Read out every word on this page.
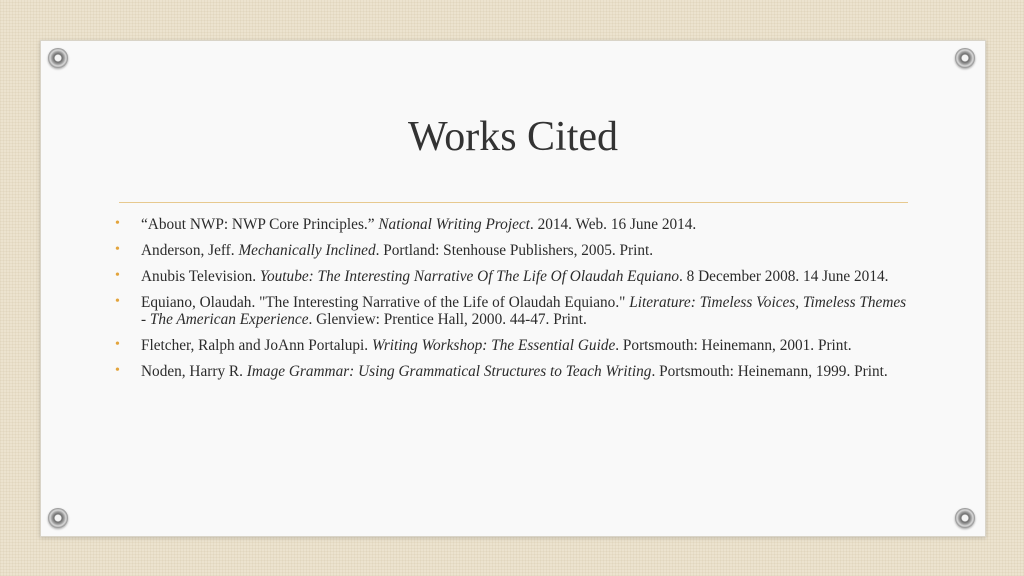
Works Cited
• “About NWP: NWP Core Principles.” National Writing Project. 2014. Web. 16 June 2014.
• Anderson, Jeff. Mechanically Inclined. Portland: Stenhouse Publishers, 2005. Print.
• Anubis Television. Youtube: The Interesting Narrative Of The Life Of Olaudah Equiano. 8 December 2008. 14 June 2014.
• Equiano, Olaudah. "The Interesting Narrative of the Life of Olaudah Equiano." Literature: Timeless Voices, Timeless Themes - The American Experience. Glenview: Prentice Hall, 2000. 44-47. Print.
• Fletcher, Ralph and JoAnn Portalupi. Writing Workshop: The Essential Guide. Portsmouth: Heinemann, 2001. Print.
• Noden, Harry R. Image Grammar: Using Grammatical Structures to Teach Writing. Portsmouth: Heinemann, 1999. Print.
